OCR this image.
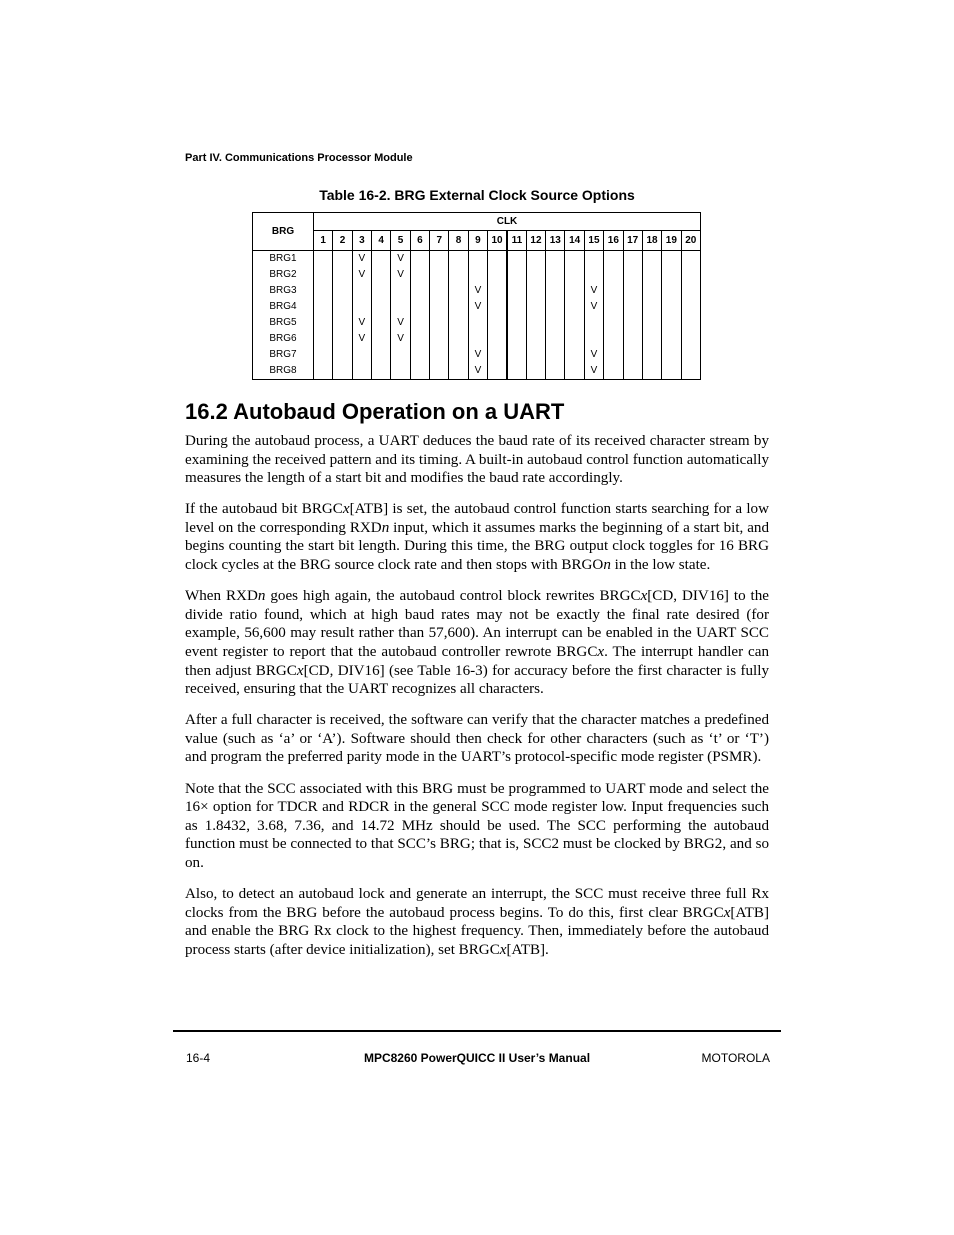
Part IV. Communications Processor Module
Table 16-2. BRG External Clock Source Options
BRG	CLK																			
	1	2	3	4	5	6	7	8	9	10	11	12	13	14	15	16	17	18	19	20
BRG1			V		V															
BRG2			V		V															
BRG3									V						V					
BRG4									V						V					
BRG5			V		V															
BRG6			V		V															
BRG7									V						V					
BRG8									V						V					
16.2 Autobaud Operation on a UART

During the autobaud process, a UART deduces the baud rate of its received character stream by examining the received pattern and its timing. A built-in autobaud control function automatically measures the length of a start bit and modifies the baud rate accordingly.

If the autobaud bit BRGCx[ATB] is set, the autobaud control function starts searching for a low level on the corresponding RXDn input, which it assumes marks the beginning of a start bit, and begins counting the start bit length. During this time, the BRG output clock toggles for 16 BRG clock cycles at the BRG source clock rate and then stops with BRGOn in the low state.

When RXDn goes high again, the autobaud control block rewrites BRGCx[CD, DIV16] to the divide ratio found, which at high baud rates may not be exactly the final rate desired (for example, 56,600 may result rather than 57,600). An interrupt can be enabled in the UART SCC event register to report that the autobaud controller rewrote BRGCx. The interrupt handler can then adjust BRGCx[CD, DIV16] (see Table 16-3) for accuracy before the first character is fully received, ensuring that the UART recognizes all characters.

After a full character is received, the software can verify that the character matches a predefined value (such as ‘a’ or ‘A’). Software should then check for other characters (such as ‘t’ or ‘T’) and program the preferred parity mode in the UART’s protocol-specific mode register (PSMR).

Note that the SCC associated with this BRG must be programmed to UART mode and select the 16× option for TDCR and RDCR in the general SCC mode register low. Input frequencies such as 1.8432, 3.68, 7.36, and 14.72 MHz should be used. The SCC performing the autobaud function must be connected to that SCC’s BRG; that is, SCC2 must be clocked by BRG2, and so on.

Also, to detect an autobaud lock and generate an interrupt, the SCC must receive three full Rx clocks from the BRG before the autobaud process begins. To do this, first clear BRGCx[ATB] and enable the BRG Rx clock to the highest frequency. Then, immediately before the autobaud process starts (after device initialization), set BRGCx[ATB].

16-4	MPC8260 PowerQUICC II User’s Manual	MOTOROLA
